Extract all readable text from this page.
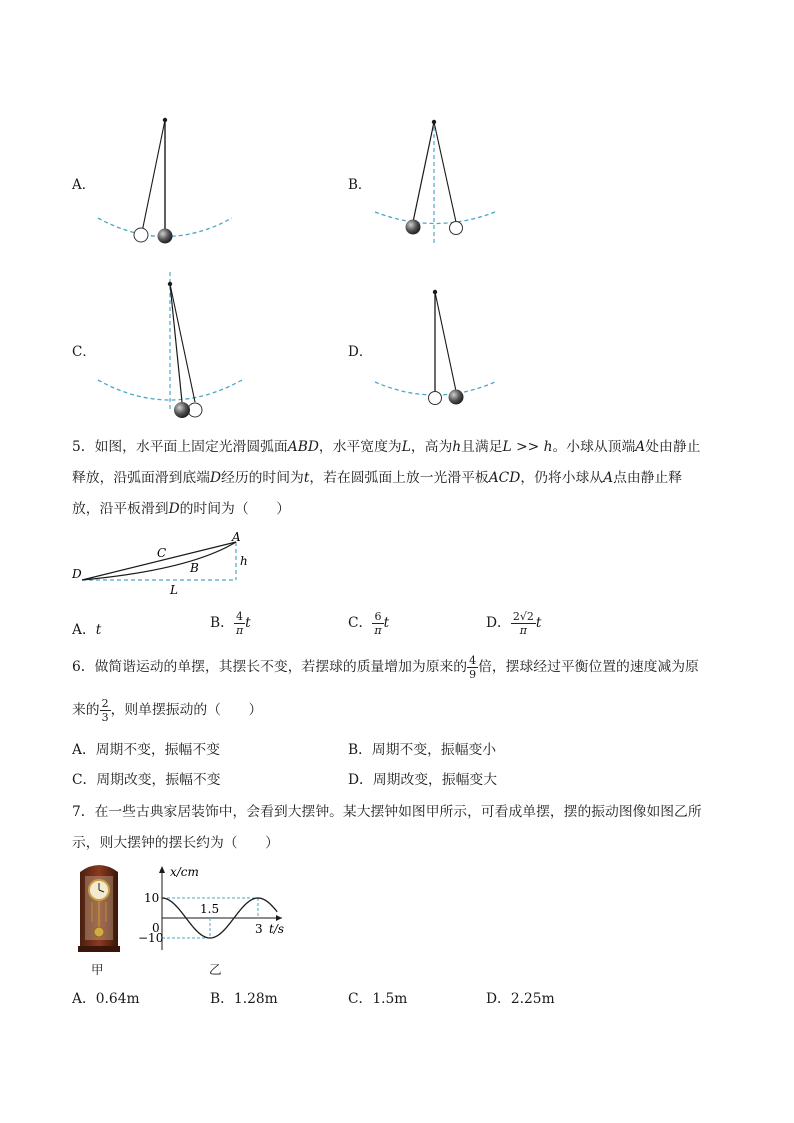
A．	B．
C．	D．
5．如图，水平面上固定光滑圆弧面ABD，水平宽度为L，高为h且满足L >> h。小球从顶端A处由静止
释放，沿弧面滑到底端D经历的时间为t，若在圆弧面上放一光滑平板ACD，仍将小球从A点由静止释
放，沿平板滑到D的时间为（　　）
D
C
B
A
h
L
A．t	B． $\frac{4}{\pi}$ t	C． $\frac{6}{\pi}$ t	D． $\frac{2√2}{\pi}$ t
6．做简谐运动的单摆，其摆长不变，若摆球的质量增加为原来的 $\frac{4}{9}$ 倍，摆球经过平衡位置的速度减为原
来的 $\frac{2}{3}$ ，则单摆振动的（　　）
A．周期不变，振幅不变	B．周期不变，振幅变小
C．周期改变，振幅不变	D．周期改变，振幅变大
7．在一些古典家居装饰中，会看到大摆钟。某大摆钟如图甲所示，可看成单摆，摆的振动图像如图乙所
示，则大摆钟的摆长约为（　　）
甲
x/cm
t/s
10
−10
0
1.5
3
乙
A．0.64m	B．1.28m	C．1.5m	D．2.25m
